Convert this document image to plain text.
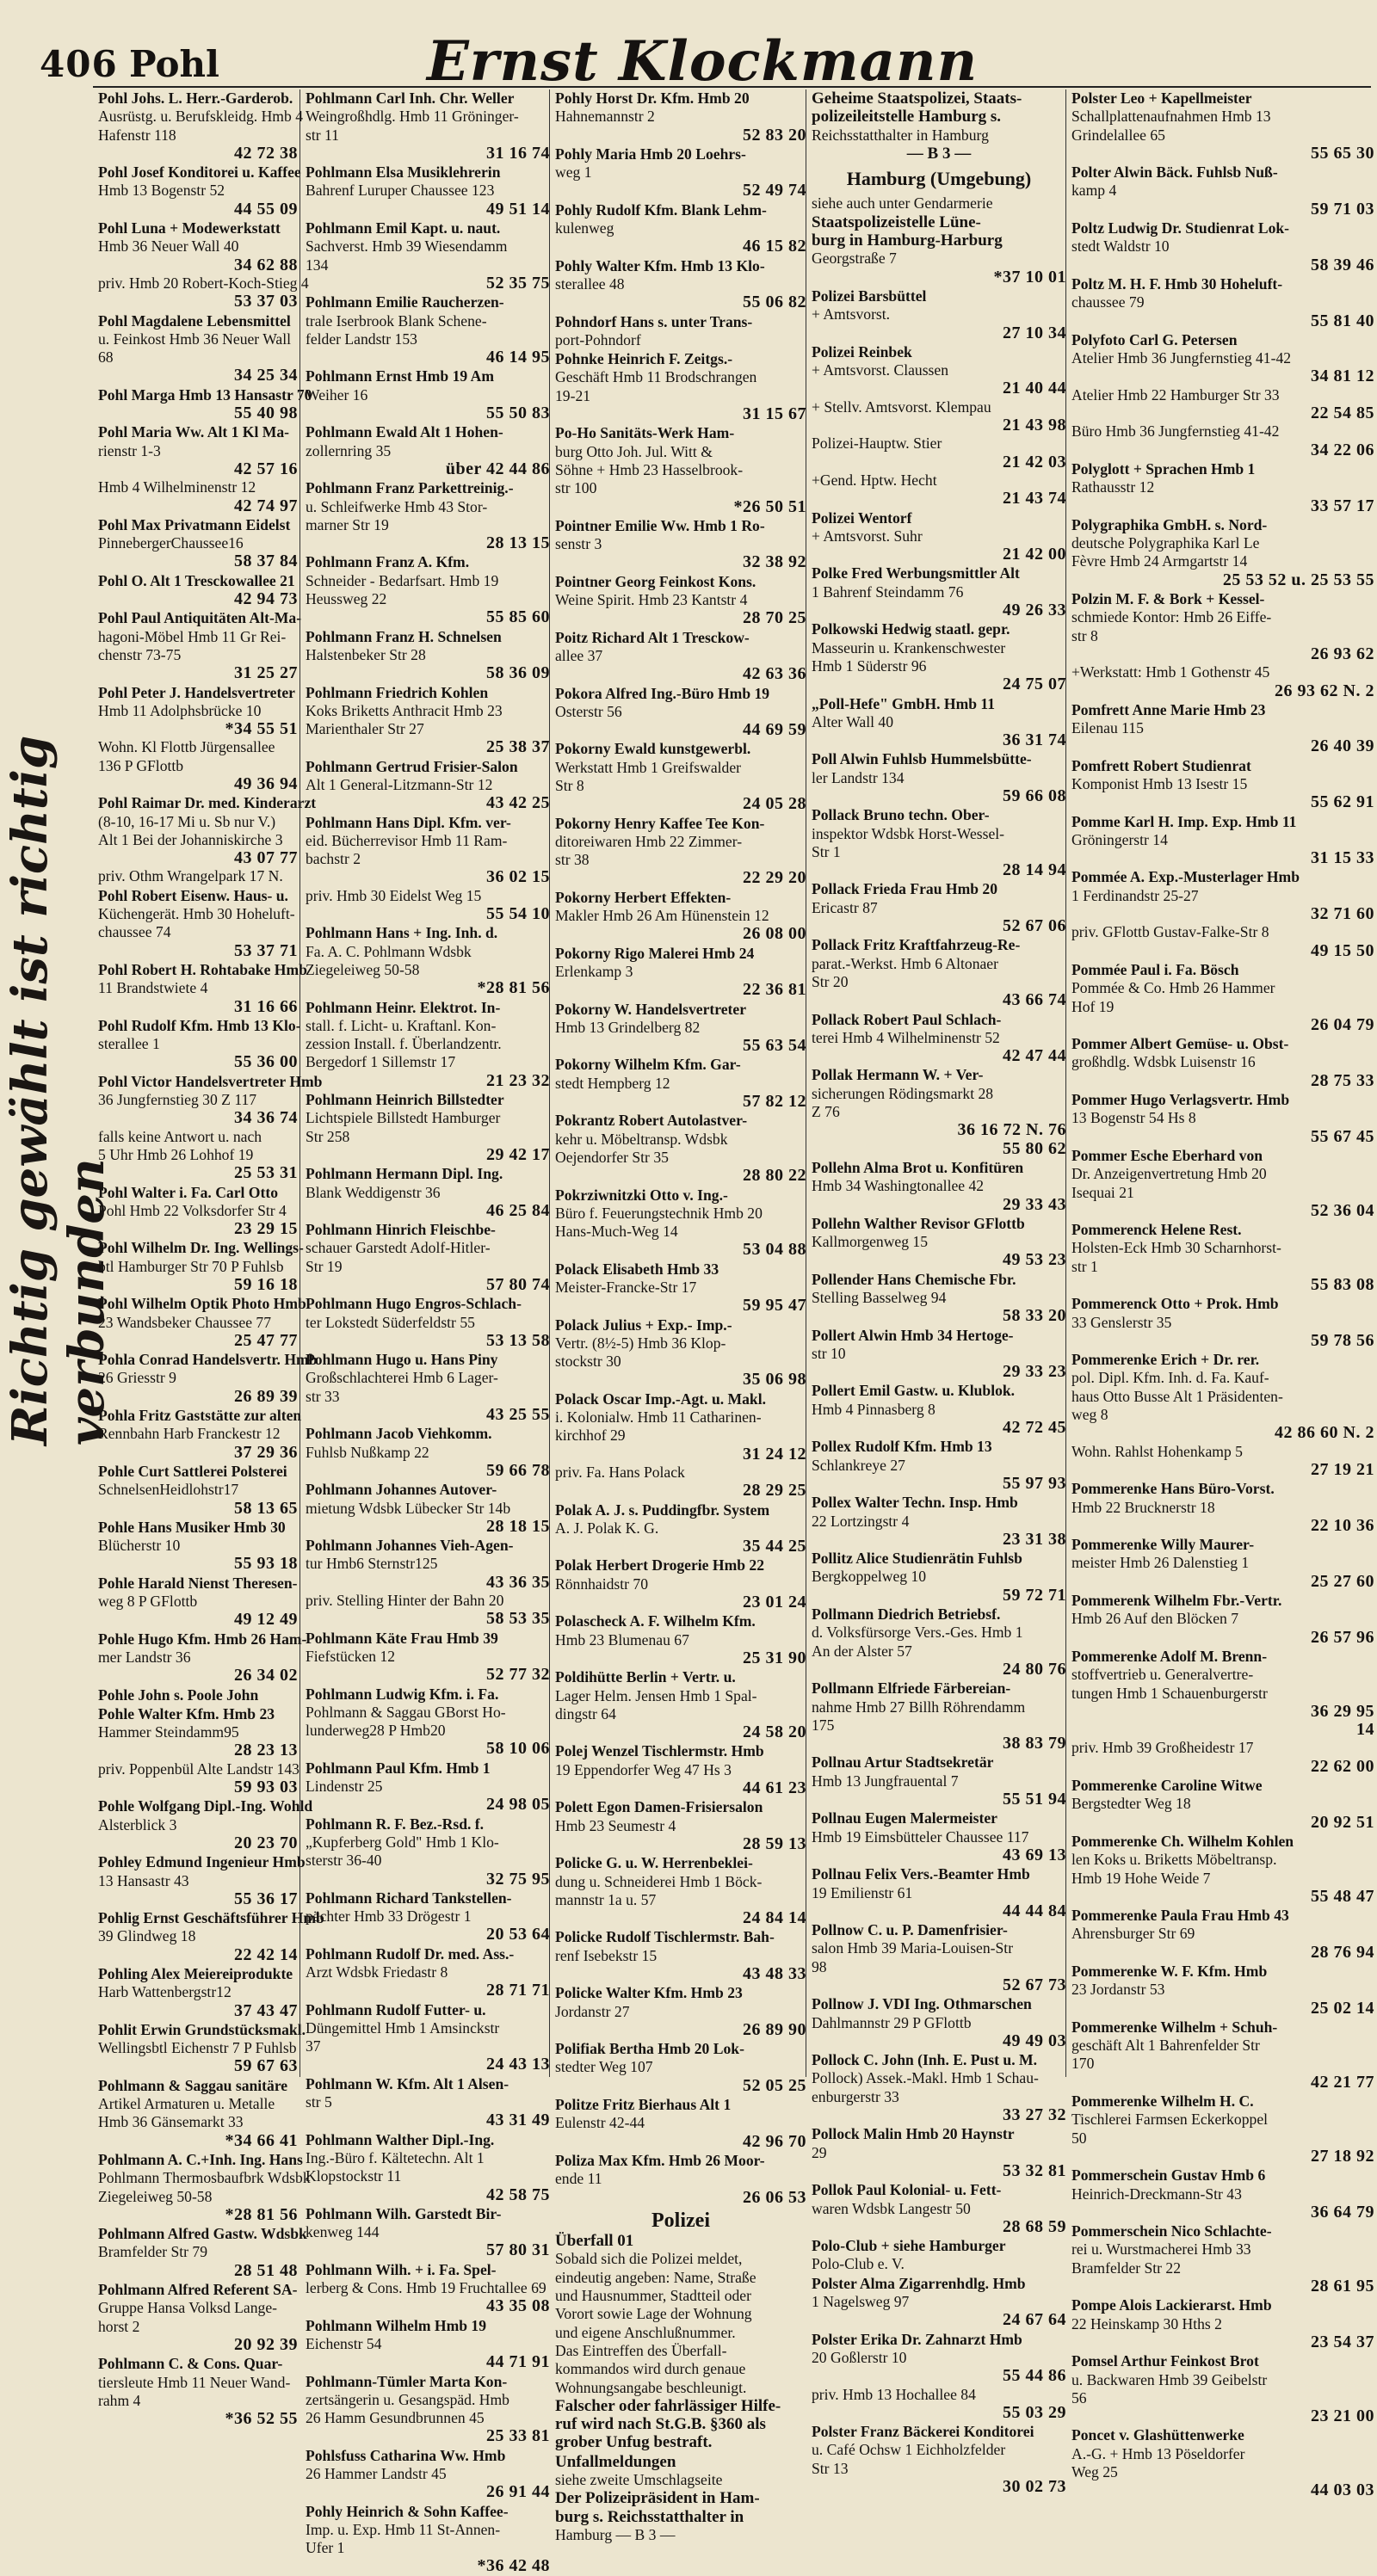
406 Pohl	Ernst Klockmann
Richtig gewählt ist richtig verbunden
Pohl Johs. L. Herr.-Garderob.
Ausrüstg. u. Berufskleidg. Hmb 4
Hafenstr 118
42 72 38
Pohl Josef Konditorei u. Kaffee
Hmb 13 Bogenstr 52
44 55 09
Pohl Luna + Modewerkstatt
Hmb 36 Neuer Wall 40
34 62 88
priv. Hmb 20 Robert-Koch-Stieg 4
53 37 03
Pohl Magdalene Lebensmittel
u. Feinkost Hmb 36 Neuer Wall
68
34 25 34
Pohl Marga Hmb 13 Hansastr 70
55 40 98
Pohl Maria Ww. Alt 1 Kl Ma-
rienstr 1-3
42 57 16
Hmb 4 Wilhelminenstr 12
42 74 97
Pohl Max Privatmann Eidelst
PinnebergerChaussee16
58 37 84
Pohl O. Alt 1 Tresckowallee 21
42 94 73
Pohl Paul Antiquitäten Alt-Ma-
hagoni-Möbel Hmb 11 Gr Rei-
chenstr 73-75
31 25 27
Pohl Peter J. Handelsvertreter
Hmb 11 Adolphsbrücke 10
*34 55 51
Wohn. Kl Flottb Jürgensallee
136 P GFlottb
49 36 94
Pohl Raimar Dr. med. Kinderarzt
(8-10, 16-17 Mi u. Sb nur V.)
Alt 1 Bei der Johanniskirche 3
43 07 77
priv. Othm Wrangelpark 17 N.
Pohl Robert Eisenw. Haus- u.
Küchengerät. Hmb 30 Hoheluft-
chaussee 74
53 37 71
Pohl Robert H. Rohtabake Hmb
11 Brandstwiete 4
31 16 66
Pohl Rudolf Kfm. Hmb 13 Klo-
sterallee 1
55 36 00
Pohl Victor Handelsvertreter Hmb
36 Jungfernstieg 30 Z 117
34 36 74
falls keine Antwort u. nach
5 Uhr Hmb 26 Lohhof 19
25 53 31
Pohl Walter i. Fa. Carl Otto
Pohl Hmb 22 Volksdorfer Str 4
23 29 15
Pohl Wilhelm Dr. Ing. Wellings-
btl Hamburger Str 70 P Fuhlsb
59 16 18
Pohl Wilhelm Optik Photo Hmb
23 Wandsbeker Chaussee 77
25 47 77
Pohla Conrad Handelsvertr. Hmb
26 Griesstr 9
26 89 39
Pohla Fritz Gaststätte zur alten
Rennbahn Harb Franckestr 12
37 29 36
Pohle Curt Sattlerei Polsterei
SchnelsenHeidlohstr17
58 13 65
Pohle Hans Musiker Hmb 30
Blücherstr 10
55 93 18
Pohle Harald Nienst Theresen-
weg 8 P GFlottb
49 12 49
Pohle Hugo Kfm. Hmb 26 Ham-
mer Landstr 36
26 34 02
Pohle John s. Poole John
Pohle Walter Kfm. Hmb 23
Hammer Steindamm95
28 23 13
priv. Poppenbül Alte Landstr 143
59 93 03
Pohle Wolfgang Dipl.-Ing. Wohld
Alsterblick 3
20 23 70
Pohley Edmund Ingenieur Hmb
13 Hansastr 43
55 36 17
Pohlig Ernst Geschäftsführer Hmb
39 Glindweg 18
22 42 14
Pohling Alex Meiereiprodukte
Harb Wattenbergstr12
37 43 47
Pohlit Erwin Grundstücksmakl.
Wellingsbtl Eichenstr 7 P Fuhlsb
59 67 63
Pohlmann & Saggau sanitäre
Artikel Armaturen u. Metalle
Hmb 36 Gänsemarkt 33
*34 66 41
Pohlmann A. C.+Inh. Ing. Hans
Pohlmann Thermosbaufbrk Wdsbk
Ziegeleiweg 50-58
*28 81 56
Pohlmann Alfred Gastw. Wdsbk
Bramfelder Str 79
28 51 48
Pohlmann Alfred Referent SA-
Gruppe Hansa Volksd Lange-
horst 2
20 92 39
Pohlmann C. & Cons. Quar-
tiersleute Hmb 11 Neuer Wand-
rahm 4
*36 52 55
Pohlmann Carl Inh. Chr. Weller
Weingroßhdlg. Hmb 11 Gröninger-
str 11
31 16 74
Pohlmann Elsa Musiklehrerin
Bahrenf Luruper Chaussee 123
49 51 14
Pohlmann Emil Kapt. u. naut.
Sachverst. Hmb 39 Wiesendamm
134
52 35 75
Pohlmann Emilie Raucherzen-
trale Iserbrook Blank Schene-
felder Landstr 153
46 14 95
Pohlmann Ernst Hmb 19 Am
Weiher 16
55 50 83
Pohlmann Ewald Alt 1 Hohen-
zollernring 35
über 42 44 86
Pohlmann Franz Parkettreinig.-
u. Schleifwerke Hmb 43 Stor-
marner Str 19
28 13 15
Pohlmann Franz A. Kfm.
Schneider - Bedarfsart. Hmb 19
Heussweg 22
55 85 60
Pohlmann Franz H. Schnelsen
Halstenbeker Str 28
58 36 09
Pohlmann Friedrich Kohlen
Koks Briketts Anthracit Hmb 23
Marienthaler Str 27
25 38 37
Pohlmann Gertrud Frisier-Salon
Alt 1 General-Litzmann-Str 12
43 42 25
Pohlmann Hans Dipl. Kfm. ver-
eid. Bücherrevisor Hmb 11 Ram-
bachstr 2
36 02 15
priv. Hmb 30 Eidelst Weg 15
55 54 10
Pohlmann Hans + Ing. Inh. d.
Fa. A. C. Pohlmann Wdsbk
Ziegeleiweg 50-58
*28 81 56
Pohlmann Heinr. Elektrot. In-
stall. f. Licht- u. Kraftanl. Kon-
zession Install. f. Überlandzentr.
Bergedorf 1 Sillemstr 17
21 23 32
Pohlmann Heinrich Billstedter
Lichtspiele Billstedt Hamburger
Str 258
29 42 17
Pohlmann Hermann Dipl. Ing.
Blank Weddigenstr 36
46 25 84
Pohlmann Hinrich Fleischbe-
schauer Garstedt Adolf-Hitler-
Str 19
57 80 74
Pohlmann Hugo Engros-Schlach-
ter Lokstedt Süderfeldstr 55
53 13 58
Pohlmann Hugo u. Hans Piny
Großschlachterei Hmb 6 Lager-
str 33
43 25 55
Pohlmann Jacob Viehkomm.
Fuhlsb Nußkamp 22
59 66 78
Pohlmann Johannes Autover-
mietung Wdsbk Lübecker Str 14b
28 18 15
Pohlmann Johannes Vieh-Agen-
tur Hmb6 Sternstr125
43 36 35
priv. Stelling Hinter der Bahn 20
58 53 35
Pohlmann Käte Frau Hmb 39
Fiefstücken 12
52 77 32
Pohlmann Ludwig Kfm. i. Fa.
Pohlmann & Saggau GBorst Ho-
lunderweg28 P Hmb20
58 10 06
Pohlmann Paul Kfm. Hmb 1
Lindenstr 25
24 98 05
Pohlmann R. F. Bez.-Rsd. f.
„Kupferberg Gold" Hmb 1 Klo-
sterstr 36-40
32 75 95
Pohlmann Richard Tankstellen-
pächter Hmb 33 Drögestr 1
20 53 64
Pohlmann Rudolf Dr. med. Ass.-
Arzt Wdsbk Friedastr 8
28 71 71
Pohlmann Rudolf Futter- u.
Düngemittel Hmb 1 Amsinckstr
37
24 43 13
Pohlmann W. Kfm. Alt 1 Alsen-
str 5
43 31 49
Pohlmann Walther Dipl.-Ing.
Ing.-Büro f. Kältetechn. Alt 1
Klopstockstr 11
42 58 75
Pohlmann Wilh. Garstedt Bir-
kenweg 144
57 80 31
Pohlmann Wilh. + i. Fa. Spel-
lerberg & Cons. Hmb 19 Fruchtallee 69
43 35 08
Pohlmann Wilhelm Hmb 19
Eichenstr 54
44 71 91
Pohlmann-Tümler Marta Kon-
zertsängerin u. Gesangspäd. Hmb
26 Hamm Gesundbrunnen 45
25 33 81
Pohlsfuss Catharina Ww. Hmb
26 Hammer Landstr 45
26 91 44
Pohly Heinrich & Sohn Kaffee-
Imp. u. Exp. Hmb 11 St-Annen-
Ufer 1
*36 42 48
Pohly Horst Dr. Kfm. Hmb 20
Hahnemannstr 2
52 83 20
Pohly Maria Hmb 20 Loehrs-
weg 1
52 49 74
Pohly Rudolf Kfm. Blank Lehm-
kulenweg
46 15 82
Pohly Walter Kfm. Hmb 13 Klo-
sterallee 48
55 06 82
Pohndorf Hans s. unter Trans-
port-Pohndorf
Pohnke Heinrich F. Zeitgs.-
Geschäft Hmb 11 Brodschrangen
19-21
31 15 67
Po-Ho Sanitäts-Werk Ham-
burg Otto Joh. Jul. Witt &
Söhne + Hmb 23 Hasselbrook-
str 100
*26 50 51
Pointner Emilie Ww. Hmb 1 Ro-
senstr 3
32 38 92
Pointner Georg Feinkost Kons.
Weine Spirit. Hmb 23 Kantstr 4
28 70 25
Poitz Richard Alt 1 Tresckow-
allee 37
42 63 36
Pokora Alfred Ing.-Büro Hmb 19
Osterstr 56
44 69 59
Pokorny Ewald kunstgewerbl.
Werkstatt Hmb 1 Greifswalder
Str 8
24 05 28
Pokorny Henry Kaffee Tee Kon-
ditoreiwaren Hmb 22 Zimmer-
str 38
22 29 20
Pokorny Herbert Effekten-
Makler Hmb 26 Am Hünenstein 12
26 08 00
Pokorny Rigo Malerei Hmb 24
Erlenkamp 3
22 36 81
Pokorny W. Handelsvertreter
Hmb 13 Grindelberg 82
55 63 54
Pokorny Wilhelm Kfm. Gar-
stedt Hempberg 12
57 82 12
Pokrantz Robert Autolastver-
kehr u. Möbeltransp. Wdsbk
Oejendorfer Str 35
28 80 22
Pokrziwnitzki Otto v. Ing.-
Büro f. Feuerungstechnik Hmb 20
Hans-Much-Weg 14
53 04 88
Polack Elisabeth Hmb 33
Meister-Francke-Str 17
59 95 47
Polack Julius + Exp.- Imp.-
Vertr. (8½-5) Hmb 36 Klop-
stockstr 30
35 06 98
Polack Oscar Imp.-Agt. u. Makl.
i. Kolonialw. Hmb 11 Catharinen-
kirchhof 29
31 24 12
priv. Fa. Hans Polack
28 29 25
Polak A. J. s. Puddingfbr. System
A. J. Polak K. G.
35 44 25
Polak Herbert Drogerie Hmb 22
Rönnhaidstr 70
23 01 24
Polascheck A. F. Wilhelm Kfm.
Hmb 23 Blumenau 67
25 31 90
Poldihütte Berlin + Vertr. u.
Lager Helm. Jensen Hmb 1 Spal-
dingstr 64
24 58 20
Polej Wenzel Tischlermstr. Hmb
19 Eppendorfer Weg 47 Hs 3
44 61 23
Polett Egon Damen-Frisiersalon
Hmb 23 Seumestr 4
28 59 13
Policke G. u. W. Herrenbeklei-
dung u. Schneiderei Hmb 1 Böck-
mannstr 1a u. 57
24 84 14
Policke Rudolf Tischlermstr. Bah-
renf Isebekstr 15
43 48 33
Policke Walter Kfm. Hmb 23
Jordanstr 27
26 89 90
Polifiak Bertha Hmb 20 Lok-
stedter Weg 107
52 05 25
Politze Fritz Bierhaus Alt 1
Eulenstr 42-44
42 96 70
Poliza Max Kfm. Hmb 26 Moor-
ende 11
26 06 53
Polizei
Überfall 01
Sobald sich die Polizei meldet,
eindeutig angeben: Name, Straße
und Hausnummer, Stadtteil oder
Vorort sowie Lage der Wohnung
und eigene Anschlußnummer.
Das Eintreffen des Überfall-
kommandos wird durch genaue
Wohnungsangabe beschleunigt.
Falscher oder fahrlässiger Hilfe-
ruf wird nach St.G.B. §360 als
grober Unfug bestraft.
Unfallmeldungen
siehe zweite Umschlagseite
Der Polizeipräsident in Ham-
burg s. Reichsstatthalter in
Hamburg — B 3 —
Geheime Staatspolizei, Staats-
polizeileitstelle Hamburg s.
Reichsstatthalter in Hamburg
— B 3 —
Hamburg (Umgebung)
siehe auch unter Gendarmerie
Staatspolizeistelle Lüne-
burg in Hamburg-Harburg
Georgstraße 7
*37 10 01
Polizei Barsbüttel
+ Amtsvorst.
27 10 34
Polizei Reinbek
+ Amtsvorst. Claussen
21 40 44
+ Stellv. Amtsvorst. Klempau
21 43 98
Polizei-Hauptw. Stier
21 42 03
+Gend. Hptw. Hecht
21 43 74
Polizei Wentorf
+ Amtsvorst. Suhr
21 42 00
Polke Fred Werbungsmittler Alt
1 Bahrenf Steindamm 76
49 26 33
Polkowski Hedwig staatl. gepr.
Masseurin u. Krankenschwester
Hmb 1 Süderstr 96
24 75 07
„Poll-Hefe" GmbH. Hmb 11
Alter Wall 40
36 31 74
Poll Alwin Fuhlsb Hummelsbütte-
ler Landstr 134
59 66 08
Pollack Bruno techn. Ober-
inspektor Wdsbk Horst-Wessel-
Str 1
28 14 94
Pollack Frieda Frau Hmb 20
Ericastr 87
52 67 06
Pollack Fritz Kraftfahrzeug-Re-
parat.-Werkst. Hmb 6 Altonaer
Str 20
43 66 74
Pollack Robert Paul Schlach-
terei Hmb 4 Wilhelminenstr 52
42 47 44
Pollak Hermann W. + Ver-
sicherungen Rödingsmarkt 28
Z 76
36 16 72 N. 76
55 80 62
Pollehn Alma Brot u. Konfitüren
Hmb 34 Washingtonallee 42
29 33 43
Pollehn Walther Revisor GFlottb
Kallmorgenweg 15
49 53 23
Pollender Hans Chemische Fbr.
Stelling Basselweg 94
58 33 20
Pollert Alwin Hmb 34 Hertoge-
str 10
29 33 23
Pollert Emil Gastw. u. Klublok.
Hmb 4 Pinnasberg 8
42 72 45
Pollex Rudolf Kfm. Hmb 13
Schlankreye 27
55 97 93
Pollex Walter Techn. Insp. Hmb
22 Lortzingstr 4
23 31 38
Pollitz Alice Studienrätin Fuhlsb
Bergkoppelweg 10
59 72 71
Pollmann Diedrich Betriebsf.
d. Volksfürsorge Vers.-Ges. Hmb 1
An der Alster 57
24 80 76
Pollmann Elfriede Färbereian-
nahme Hmb 27 Billh Röhrendamm
175
38 83 79
Pollnau Artur Stadtsekretär
Hmb 13 Jungfrauental 7
55 51 94
Pollnau Eugen Malermeister
Hmb 19 Eimsbütteler Chaussee 117
43 69 13
Pollnau Felix Vers.-Beamter Hmb
19 Emilienstr 61
44 44 84
Pollnow C. u. P. Damenfrisier-
salon Hmb 39 Maria-Louisen-Str
98
52 67 73
Pollnow J. VDI Ing. Othmarschen
Dahlmannstr 29 P GFlottb
49 49 03
Pollock C. John (Inh. E. Pust u. M.
Pollock) Assek.-Makl. Hmb 1 Schau-
enburgerstr 33
33 27 32
Pollock Malin Hmb 20 Haynstr
29
53 32 81
Pollok Paul Kolonial- u. Fett-
waren Wdsbk Langestr 50
28 68 59
Polo-Club + siehe Hamburger
Polo-Club e. V.
Polster Alma Zigarrenhdlg. Hmb
1 Nagelsweg 97
24 67 64
Polster Erika Dr. Zahnarzt Hmb
20 Goßlerstr 10
55 44 86
priv. Hmb 13 Hochallee 84
55 03 29
Polster Franz Bäckerei Konditorei
u. Café Ochsw 1 Eichholzfelder
Str 13
30 02 73
Polster Leo + Kapellmeister
Schallplattenaufnahmen Hmb 13
Grindelallee 65
55 65 30
Polter Alwin Bäck. Fuhlsb Nuß-
kamp 4
59 71 03
Poltz Ludwig Dr. Studienrat Lok-
stedt Waldstr 10
58 39 46
Poltz M. H. F. Hmb 30 Hoheluft-
chaussee 79
55 81 40
Polyfoto Carl G. Petersen
Atelier Hmb 36 Jungfernstieg 41-42
34 81 12
Atelier Hmb 22 Hamburger Str 33
22 54 85
Büro Hmb 36 Jungfernstieg 41-42
34 22 06
Polyglott + Sprachen Hmb 1
Rathausstr 12
33 57 17
Polygraphika GmbH. s. Nord-
deutsche Polygraphika Karl Le
Fèvre Hmb 24 Armgartstr 14
25 53 52 u. 25 53 55
Polzin M. F. & Bork + Kessel-
schmiede Kontor: Hmb 26 Eiffe-
str 8
26 93 62
+Werkstatt: Hmb 1 Gothenstr 45
26 93 62 N. 2
Pomfrett Anne Marie Hmb 23
Eilenau 115
26 40 39
Pomfrett Robert Studienrat
Komponist Hmb 13 Isestr 15
55 62 91
Pomme Karl H. Imp. Exp. Hmb 11
Gröningerstr 14
31 15 33
Pommée A. Exp.-Musterlager Hmb
1 Ferdinandstr 25-27
32 71 60
priv. GFlottb Gustav-Falke-Str 8
49 15 50
Pommée Paul i. Fa. Bösch
Pommée & Co. Hmb 26 Hammer
Hof 19
26 04 79
Pommer Albert Gemüse- u. Obst-
großhdlg. Wdsbk Luisenstr 16
28 75 33
Pommer Hugo Verlagsvertr. Hmb
13 Bogenstr 54 Hs 8
55 67 45
Pommer Esche Eberhard von
Dr. Anzeigenvertretung Hmb 20
Isequai 21
52 36 04
Pommerenck Helene Rest.
Holsten-Eck Hmb 30 Scharnhorst-
str 1
55 83 08
Pommerenck Otto + Prok. Hmb
33 Genslerstr 35
59 78 56
Pommerenke Erich + Dr. rer.
pol. Dipl. Kfm. Inh. d. Fa. Kauf-
haus Otto Busse Alt 1 Präsidenten-
weg 8
42 86 60 N. 2
Wohn. Rahlst Hohenkamp 5
27 19 21
Pommerenke Hans Büro-Vorst.
Hmb 22 Brucknerstr 18
22 10 36
Pommerenke Willy Maurer-
meister Hmb 26 Dalenstieg 1
25 27 60
Pommerenk Wilhelm Fbr.-Vertr.
Hmb 26 Auf den Blöcken 7
26 57 96
Pommerenke Adolf M. Brenn-
stoffvertrieb u. Generalvertre-
tungen Hmb 1 Schauenburgerstr
36 29 95
14
priv. Hmb 39 Großheidestr 17
22 62 00
Pommerenke Caroline Witwe
Bergstedter Weg 18
20 92 51
Pommerenke Ch. Wilhelm Kohlen
len Koks u. Briketts Möbeltransp.
Hmb 19 Hohe Weide 7
55 48 47
Pommerenke Paula Frau Hmb 43
Ahrensburger Str 69
28 76 94
Pommerenke W. F. Kfm. Hmb
23 Jordanstr 53
25 02 14
Pommerenke Wilhelm + Schuh-
geschäft Alt 1 Bahrenfelder Str
170
42 21 77
Pommerenke Wilhelm H. C.
Tischlerei Farmsen Eckerkoppel
50
27 18 92
Pommerschein Gustav Hmb 6
Heinrich-Dreckmann-Str 43
36 64 79
Pommerschein Nico Schlachte-
rei u. Wurstmacherei Hmb 33
Bramfelder Str 22
28 61 95
Pompe Alois Lackierarst. Hmb
22 Heinskamp 30 Hths 2
23 54 37
Pomsel Arthur Feinkost Brot
u. Backwaren Hmb 39 Geibelstr
56
23 21 00
Poncet v. Glashüttenwerke
A.-G. + Hmb 13 Pöseldorfer
Weg 25
44 03 03
